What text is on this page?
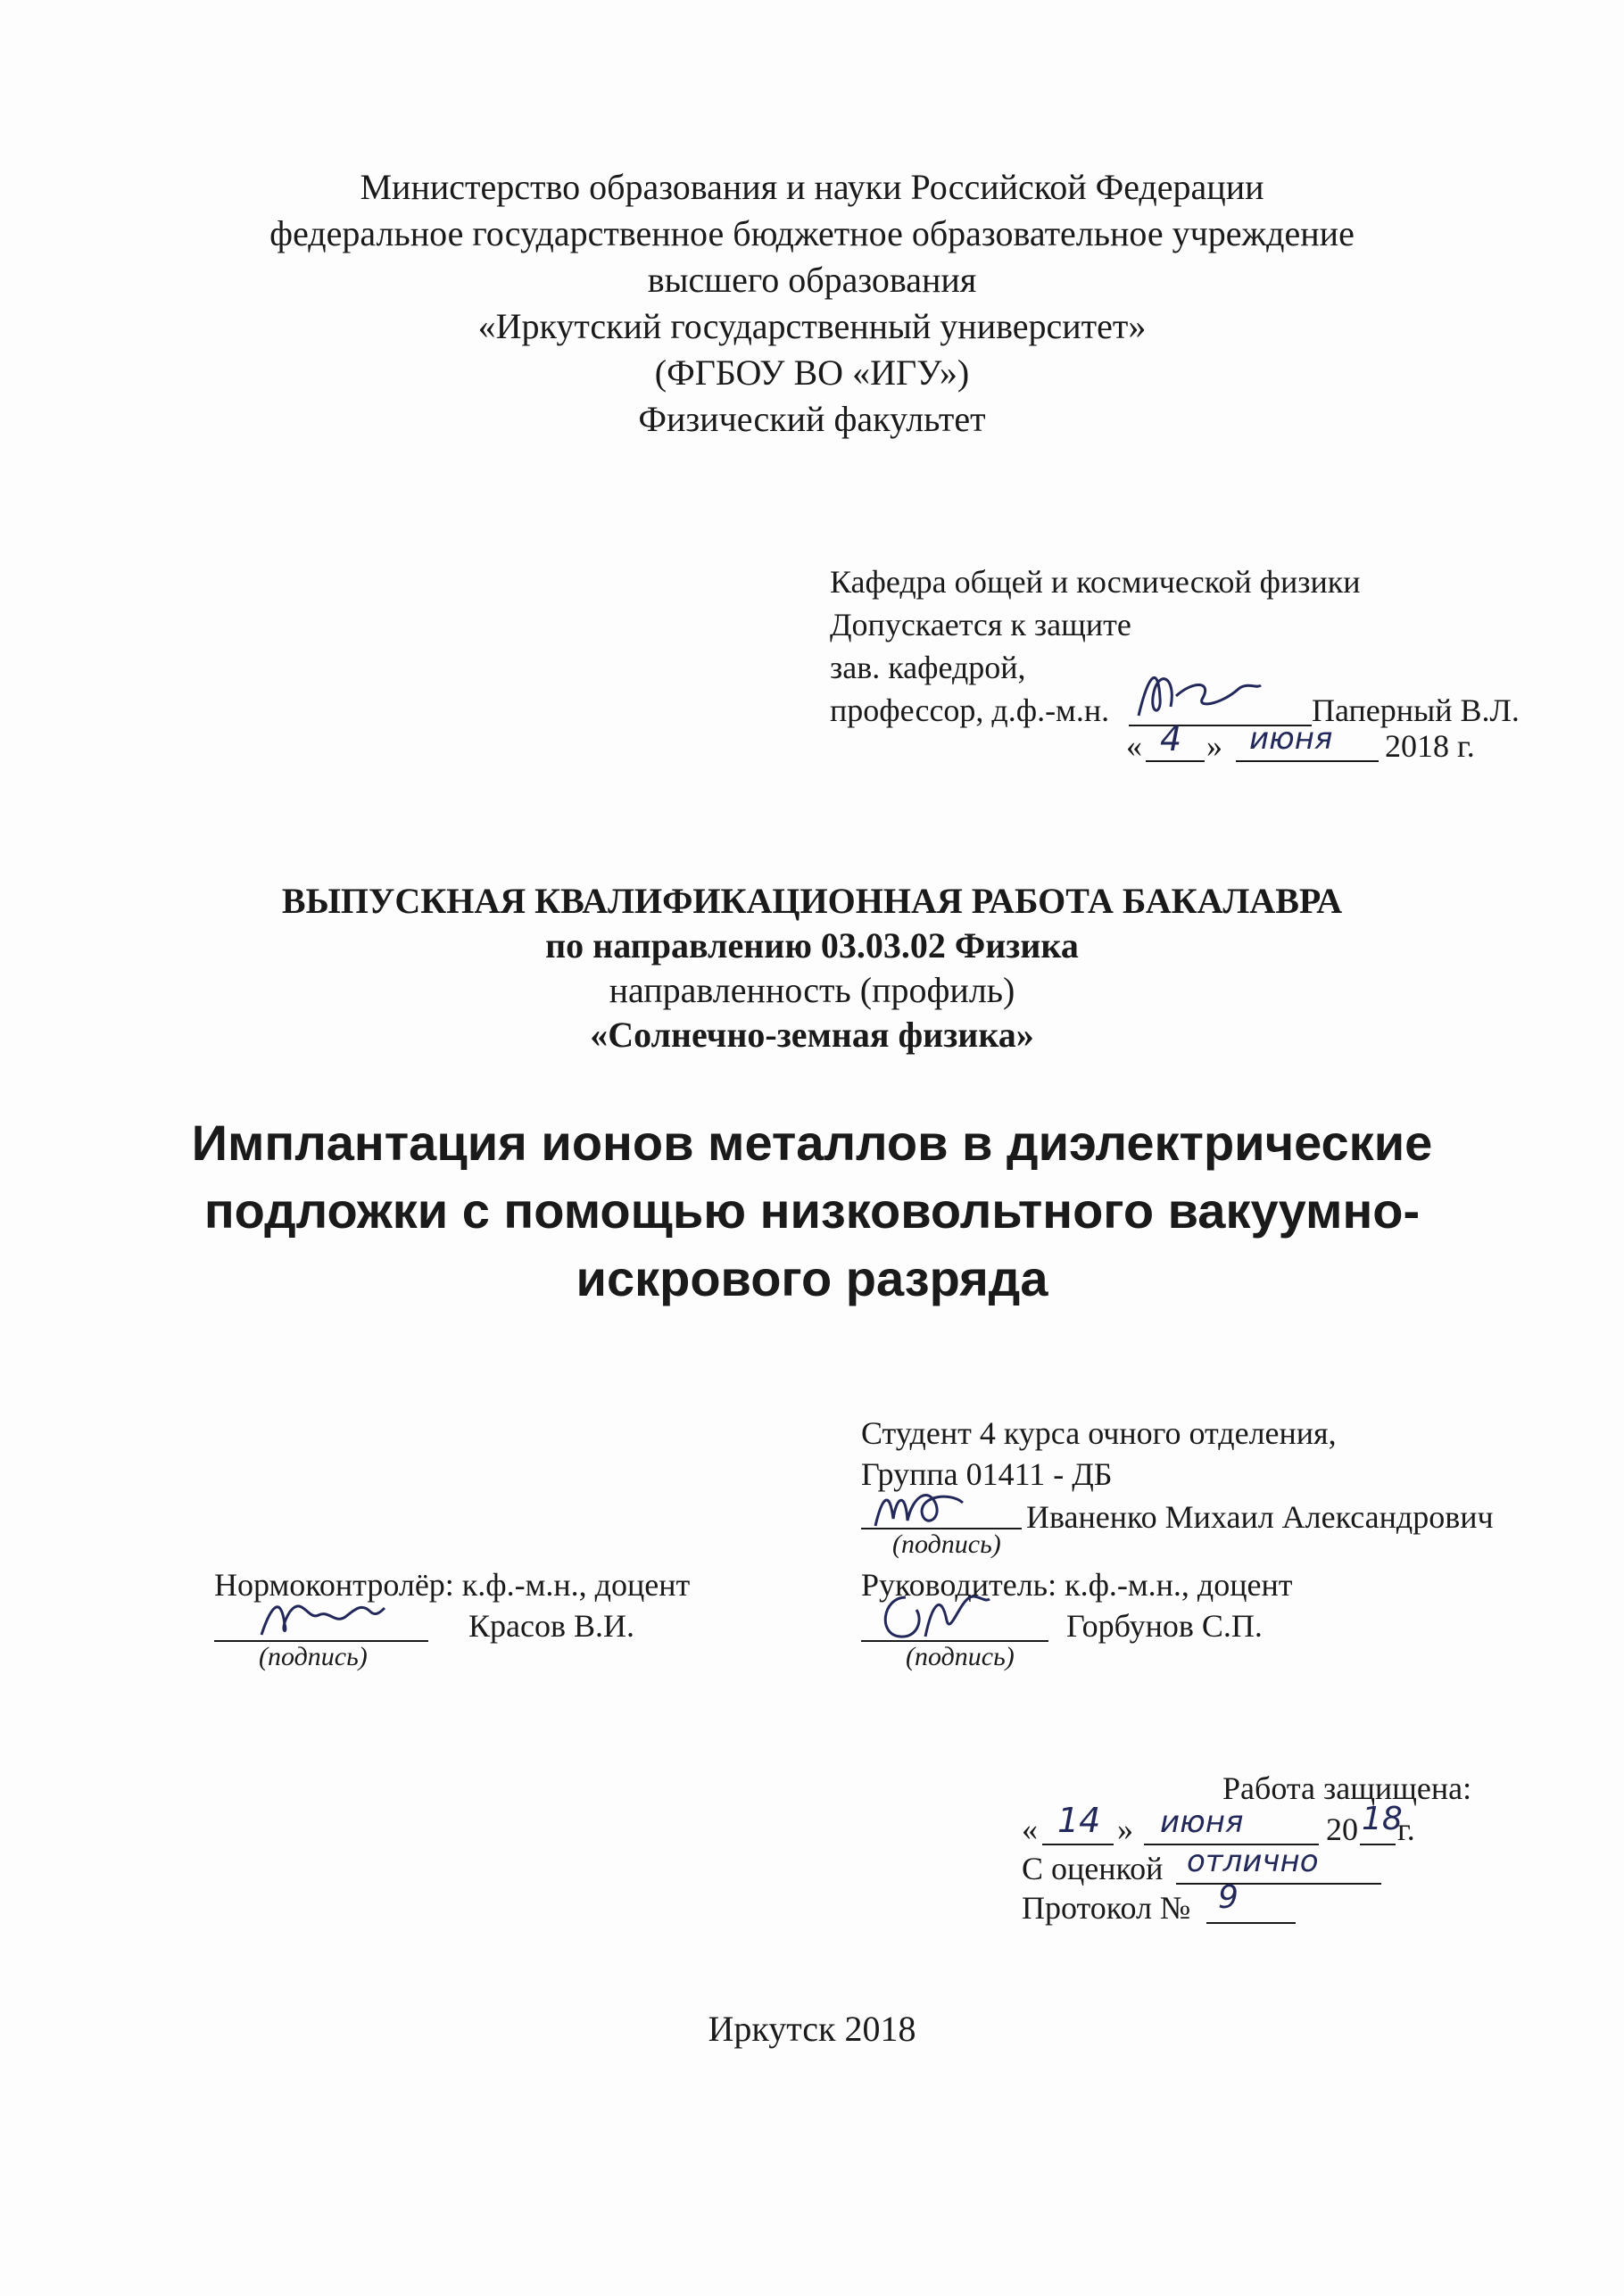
Министерство образования и науки Российской Федерации
федеральное государственное бюджетное образовательное учреждение
высшего образования
«Иркутский государственный университет»
(ФГБОУ ВО «ИГУ»)
Физический факультет
Кафедра общей и космической физики
Допускается к защите
зав. кафедрой,
профессор, д.ф.-м.н.	Паперный В.Л.
« 4 » июня 2018 г.
ВЫПУСКНАЯ КВАЛИФИКАЦИОННАЯ РАБОТА БАКАЛАВРА
по направлению 03.03.02 Физика
направленность (профиль)
«Солнечно-земная физика»
Имплантация ионов металлов в диэлектрические
подложки с помощью низковольтного вакуумно-
искрового разряда
Студент 4 курса очного отделения,
Группа 01411 - ДБ
Иваненко Михаил Александрович
(подпись)
Нормоконтролёр: к.ф.-м.н., доцент
Красов В.И.
(подпись)
Руководитель: к.ф.-м.н., доцент
Горбунов С.П.
(подпись)
Работа защищена:
« 14 » июня	20 18
г.
С оценкой отлично
Протокол № 9
Иркутск 2018
